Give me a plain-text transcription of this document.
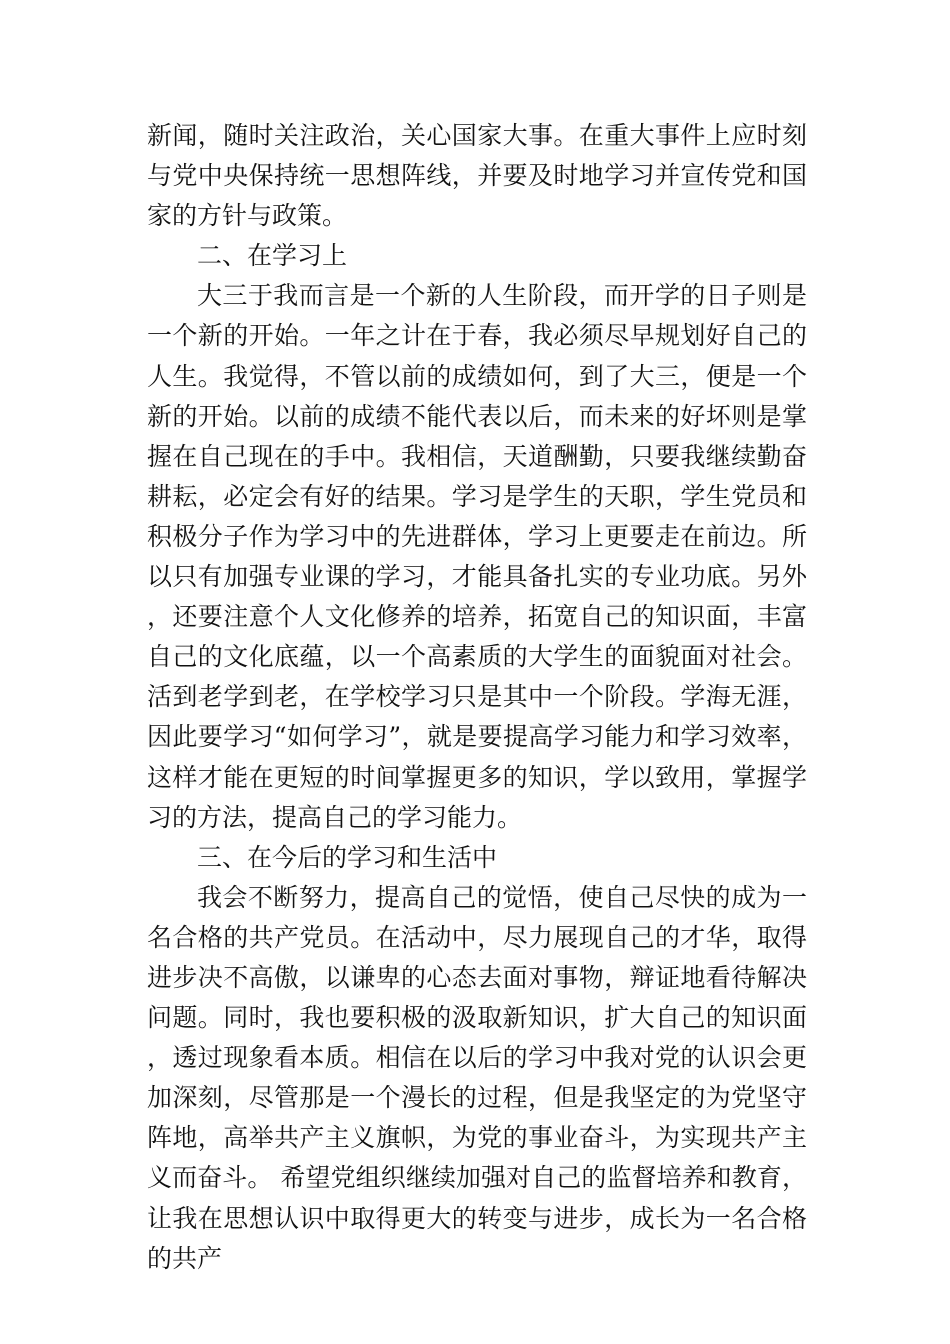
新闻，随时关注政治，关心国家大事。在重大事件上应时刻与党中央保持统一思想阵线，并要及时地学习并宣传党和国家的方针与政策。

二、在学习上

大三于我而言是一个新的人生阶段，而开学的日子则是一个新的开始。一年之计在于春，我必须尽早规划好自己的人生。我觉得，不管以前的成绩如何，到了大三，便是一个新的开始。以前的成绩不能代表以后，而未来的好坏则是掌握在自己现在的手中。我相信，天道酬勤，只要我继续勤奋耕耘，必定会有好的结果。学习是学生的天职，学生党员和积极分子作为学习中的先进群体，学习上更要走在前边。所以只有加强专业课的学习，才能具备扎实的专业功底。另外，还要注意个人文化修养的培养，拓宽自己的知识面，丰富自己的文化底蕴，以一个高素质的大学生的面貌面对社会。活到老学到老，在学校学习只是其中一个阶段。学海无涯，因此要学习“如何学习”，就是要提高学习能力和学习效率，这样才能在更短的时间掌握更多的知识，学以致用，掌握学习的方法，提高自己的学习能力。

三、在今后的学习和生活中

我会不断努力，提高自己的觉悟，使自己尽快的成为一名合格的共产党员。在活动中，尽力展现自己的才华，取得进步决不高傲，以谦卑的心态去面对事物，辩证地看待解决问题。同时，我也要积极的汲取新知识，扩大自己的知识面，透过现象看本质。相信在以后的学习中我对党的认识会更加深刻，尽管那是一个漫长的过程，但是我坚定的为党坚守阵地，高举共产主义旗帜，为党的事业奋斗，为实现共产主义而奋斗。 希望党组织继续加强对自己的监督培养和教育，让我在思想认识中取得更大的转变与进步，成长为一名合格的共产
